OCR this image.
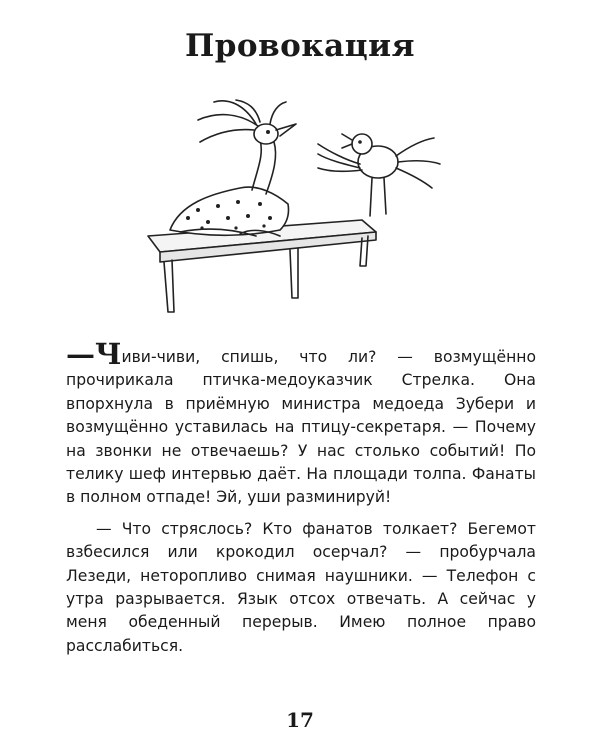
Провокация

—Чиви-чиви, спишь, что ли? — возмущённо прочирикала птичка-медоуказчик Стрелка. Она впорхнула в приёмную министра медоеда Зубери и возмущённо уставилась на птицу-секретаря. — Почему на звонки не отвечаешь? У нас столько событий! По телику шеф интервью даёт. На площади толпа. Фанаты в полном отпаде! Эй, уши разминируй!

— Что стряслось? Кто фанатов толкает? Бегемот взбесился или крокодил осерчал? — пробурчала Лезеди, неторопливо снимая наушники. — Телефон с утра разрывается. Язык отсох отвечать. А сейчас у меня обеденный перерыв. Имею полное право расслабиться.

17
